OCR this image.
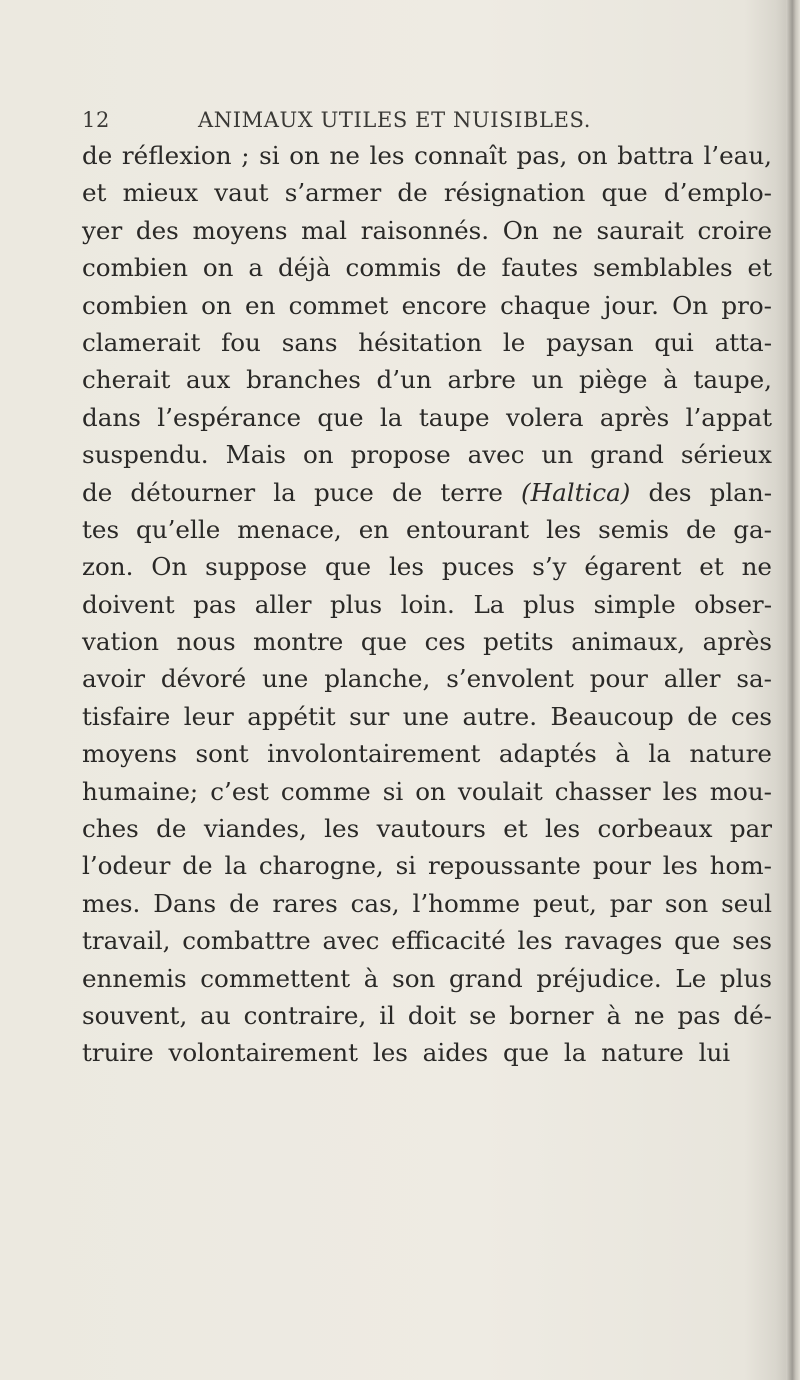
12	ANIMAUX UTILES ET NUISIBLES.
de réflexion ; si on ne les connaît pas, on battra l’eau,
et mieux vaut s’armer de résignation que d’emplo-
yer des moyens mal raisonnés. On ne saurait croire
combien on a déjà commis de fautes semblables et
combien on en commet encore chaque jour. On pro-
clamerait fou sans hésitation le paysan qui atta-
cherait aux branches d’un arbre un piège à taupe,
dans l’espérance que la taupe volera après l’appat
suspendu. Mais on propose avec un grand sérieux
de détourner la puce de terre (Haltica) des plan-
tes qu’elle menace, en entourant les semis de ga-
zon. On suppose que les puces s’y égarent et ne
doivent pas aller plus loin. La plus simple obser-
vation nous montre que ces petits animaux, après
avoir dévoré une planche, s’envolent pour aller sa-
tisfaire leur appétit sur une autre. Beaucoup de ces
moyens sont involontairement adaptés à la nature
humaine; c’est comme si on voulait chasser les mou-
ches de viandes, les vautours et les corbeaux par
l’odeur de la charogne, si repoussante pour les hom-
mes. Dans de rares cas, l’homme peut, par son seul
travail, combattre avec efficacité les ravages que ses
ennemis commettent à son grand préjudice. Le plus
souvent, au contraire, il doit se borner à ne pas dé-
truire volontairement les aides que la nature lui
